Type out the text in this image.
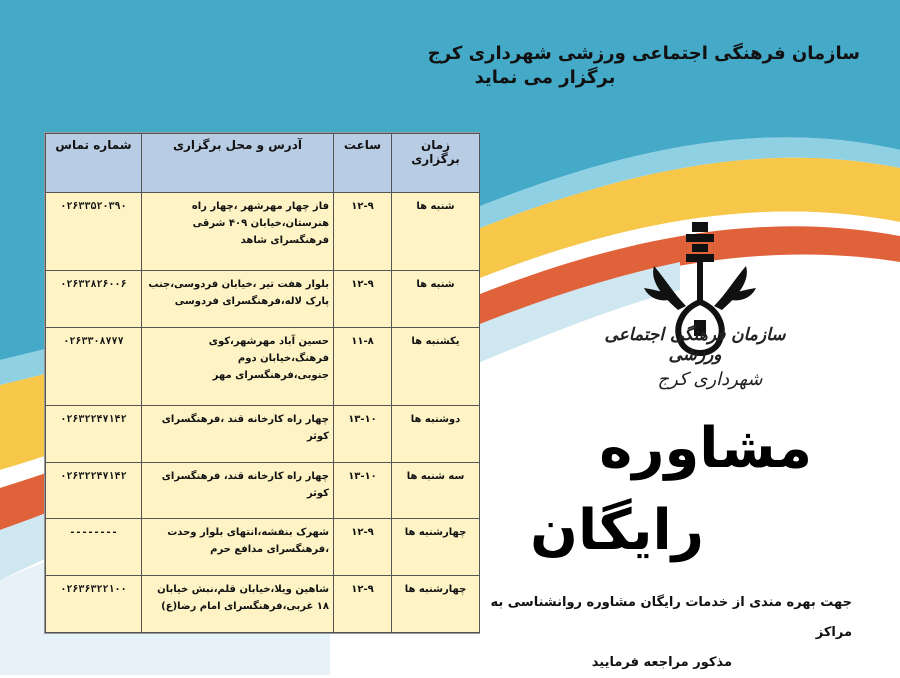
سازمان فرهنگی اجتماعی ورزشی شهرداری کرج
برگزار می نماید
زمان برگزاری	ساعت	آدرس و محل برگزاری	شماره تماس
شنبه ها	۱۲-۹	فاز چهار مهرشهر ،چهار راه هنرستان،خیابان ۴۰۹ شرقی فرهنگسرای شاهد	۰۲۶۳۳۵۲۰۳۹۰
شنبه ها	۱۲-۹	بلوار هفت تیر ،خیابان فردوسی،جنب پارک لاله،فرهنگسرای فردوسی	۰۲۶۳۲۸۲۶۰۰۶
یکشنبه ها	۱۱-۸	حسین آباد مهرشهر،کوی فرهنگ،خیابان دوم جنوبی،فرهنگسرای مهر	۰۲۶۳۳۰۸۷۷۷
دوشنبه ها	۱۳-۱۰	چهار راه کارخانه قند ،فرهنگسرای کوثر	۰۲۶۳۲۲۴۷۱۴۲
سه شنبه ها	۱۳-۱۰	چهار راه کارخانه قند، فرهنگسرای کوثر	۰۲۶۳۲۲۴۷۱۴۲
چهارشنبه ها	۱۲-۹	شهرک بنفشه،انتهای بلوار وحدت ،فرهنگسرای مدافع حرم	--------
چهارشنبه ها	۱۲-۹	شاهین ویلا،خیابان قلم،نبش خیابان ۱۸ غربی،فرهنگسرای امام رضا(ع)	۰۲۶۳۶۳۲۲۱۰۰
سازمان فرهنگی اجتماعی ورزشی
شهرداری کرج
مشاوره
رایگان
جهت بهره مندی از خدمات رایگان مشاوره روانشناسی به مراکز
مذکور مراجعه فرمایید
